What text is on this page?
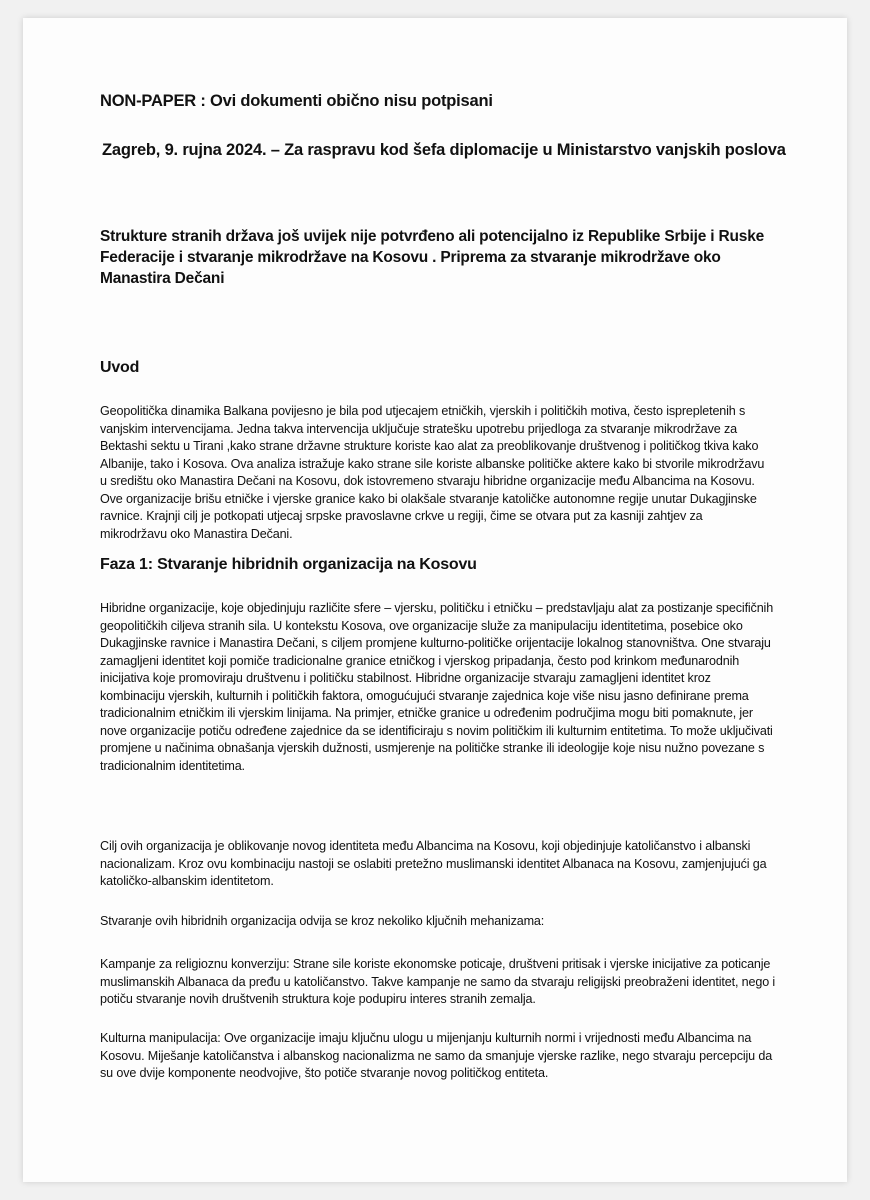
NON-PAPER : Ovi dokumenti obično nisu potpisani
Zagreb, 9. rujna 2024. – Za raspravu kod šefa diplomacije u Ministarstvo vanjskih poslova
Strukture stranih država još uvijek nije potvrđeno ali potencijalno iz Republike Srbije i Ruske Federacije i stvaranje mikrodržave na Kosovu . Priprema za stvaranje mikrodržave oko Manastira Dečani
Uvod
Geopolitička dinamika Balkana povijesno je bila pod utjecajem etničkih, vjerskih i političkih motiva, često isprepletenih s vanjskim intervencijama. Jedna takva intervencija uključuje stratešku upotrebu prijedloga za stvaranje mikrodržave za Bektashi sektu u Tirani ,kako strane državne strukture koriste kao alat za preoblikovanje društvenog i političkog tkiva kako Albanije, tako i Kosova. Ova analiza istražuje kako strane sile koriste albanske političke aktere kako bi stvorile mikrodržavu u središtu oko Manastira Dečani na Kosovu, dok istovremeno stvaraju hibridne organizacije među Albancima na Kosovu. Ove organizacije brišu etničke i vjerske granice kako bi olakšale stvaranje katoličke autonomne regije unutar Dukagjinske ravnice. Krajnji cilj je potkopati utjecaj srpske pravoslavne crkve u regiji, čime se otvara put za kasniji zahtjev za mikrodržavu oko Manastira Dečani.
Faza 1: Stvaranje hibridnih organizacija na Kosovu
Hibridne organizacije, koje objedinjuju različite sfere – vjersku, političku i etničku – predstavljaju alat za postizanje specifičnih geopolitičkih ciljeva stranih sila. U kontekstu Kosova, ove organizacije služe za manipulaciju identitetima, posebice oko Dukagjinske ravnice i Manastira Dečani, s ciljem promjene kulturno-političke orijentacije lokalnog stanovništva. One stvaraju zamagljeni identitet koji pomiče tradicionalne granice etničkog i vjerskog pripadanja, često pod krinkom međunarodnih inicijativa koje promoviraju društvenu i političku stabilnost. Hibridne organizacije stvaraju zamagljeni identitet kroz kombinaciju vjerskih, kulturnih i političkih faktora, omogućujući stvaranje zajednica koje više nisu jasno definirane prema tradicionalnim etničkim ili vjerskim linijama. Na primjer, etničke granice u određenim područjima mogu biti pomaknute, jer nove organizacije potiču određene zajednice da se identificiraju s novim političkim ili kulturnim entitetima. To može uključivati promjene u načinima obnašanja vjerskih dužnosti, usmjerenje na političke stranke ili ideologije koje nisu nužno povezane s tradicionalnim identitetima.
Cilj ovih organizacija je oblikovanje novog identiteta među Albancima na Kosovu, koji objedinjuje katoličanstvo i albanski nacionalizam. Kroz ovu kombinaciju nastoji se oslabiti pretežno muslimanski identitet Albanaca na Kosovu, zamjenjujući ga katoličko-albanskim identitetom.
Stvaranje ovih hibridnih organizacija odvija se kroz nekoliko ključnih mehanizama:
Kampanje za religioznu konverziju: Strane sile koriste ekonomske poticaje, društveni pritisak i vjerske inicijative za poticanje muslimanskih Albanaca da pređu u katoličanstvo. Takve kampanje ne samo da stvaraju religijski preobraženi identitet, nego i potiču stvaranje novih društvenih struktura koje podupiru interes stranih zemalja.
Kulturna manipulacija: Ove organizacije imaju ključnu ulogu u mijenjanju kulturnih normi i vrijednosti među Albancima na Kosovu. Miješanje katoličanstva i albanskog nacionalizma ne samo da smanjuje vjerske razlike, nego stvaraju percepciju da su ove dvije komponente neodvojive, što potiče stvaranje novog političkog entiteta.
